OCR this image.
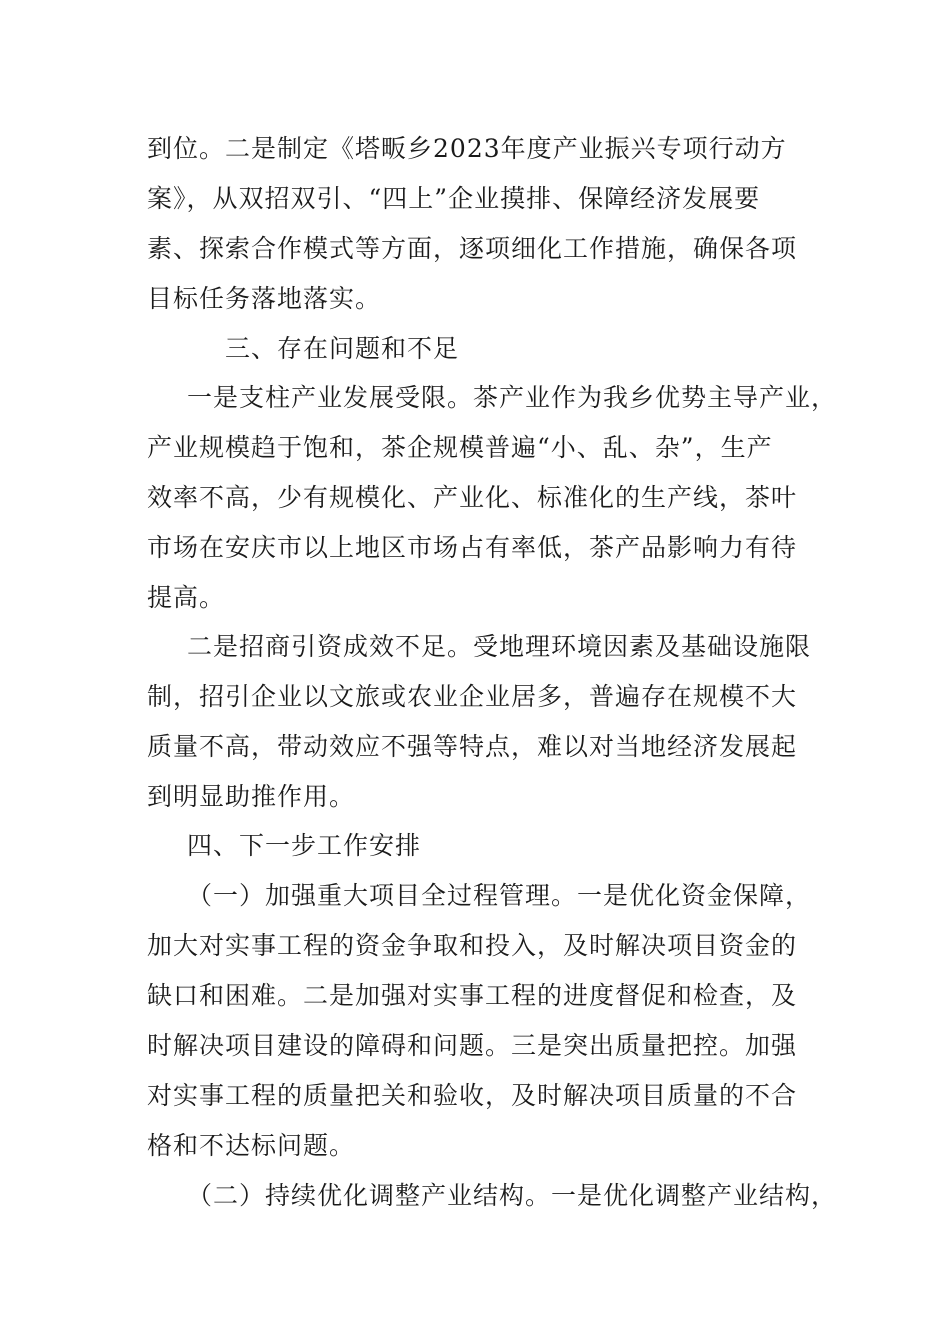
到位。二是制定《塔畈乡2023年度产业振兴专项行动方
案》，从双招双引、“四上”企业摸排、保障经济发展要
素、探索合作模式等方面，逐项细化工作措施，确保各项
目标任务落地落实。
三、存在问题和不足
一是支柱产业发展受限。茶产业作为我乡优势主导产业，
产业规模趋于饱和，茶企规模普遍“小、乱、杂”，生产
效率不高，少有规模化、产业化、标准化的生产线，茶叶
市场在安庆市以上地区市场占有率低，茶产品影响力有待
提高。
二是招商引资成效不足。受地理环境因素及基础设施限
制，招引企业以文旅或农业企业居多，普遍存在规模不大
质量不高，带动效应不强等特点，难以对当地经济发展起
到明显助推作用。
四、下一步工作安排
（一）加强重大项目全过程管理。一是优化资金保障，
加大对实事工程的资金争取和投入，及时解决项目资金的
缺口和困难。二是加强对实事工程的进度督促和检查，及
时解决项目建设的障碍和问题。三是突出质量把控。加强
对实事工程的质量把关和验收，及时解决项目质量的不合
格和不达标问题。
（二）持续优化调整产业结构。一是优化调整产业结构，
